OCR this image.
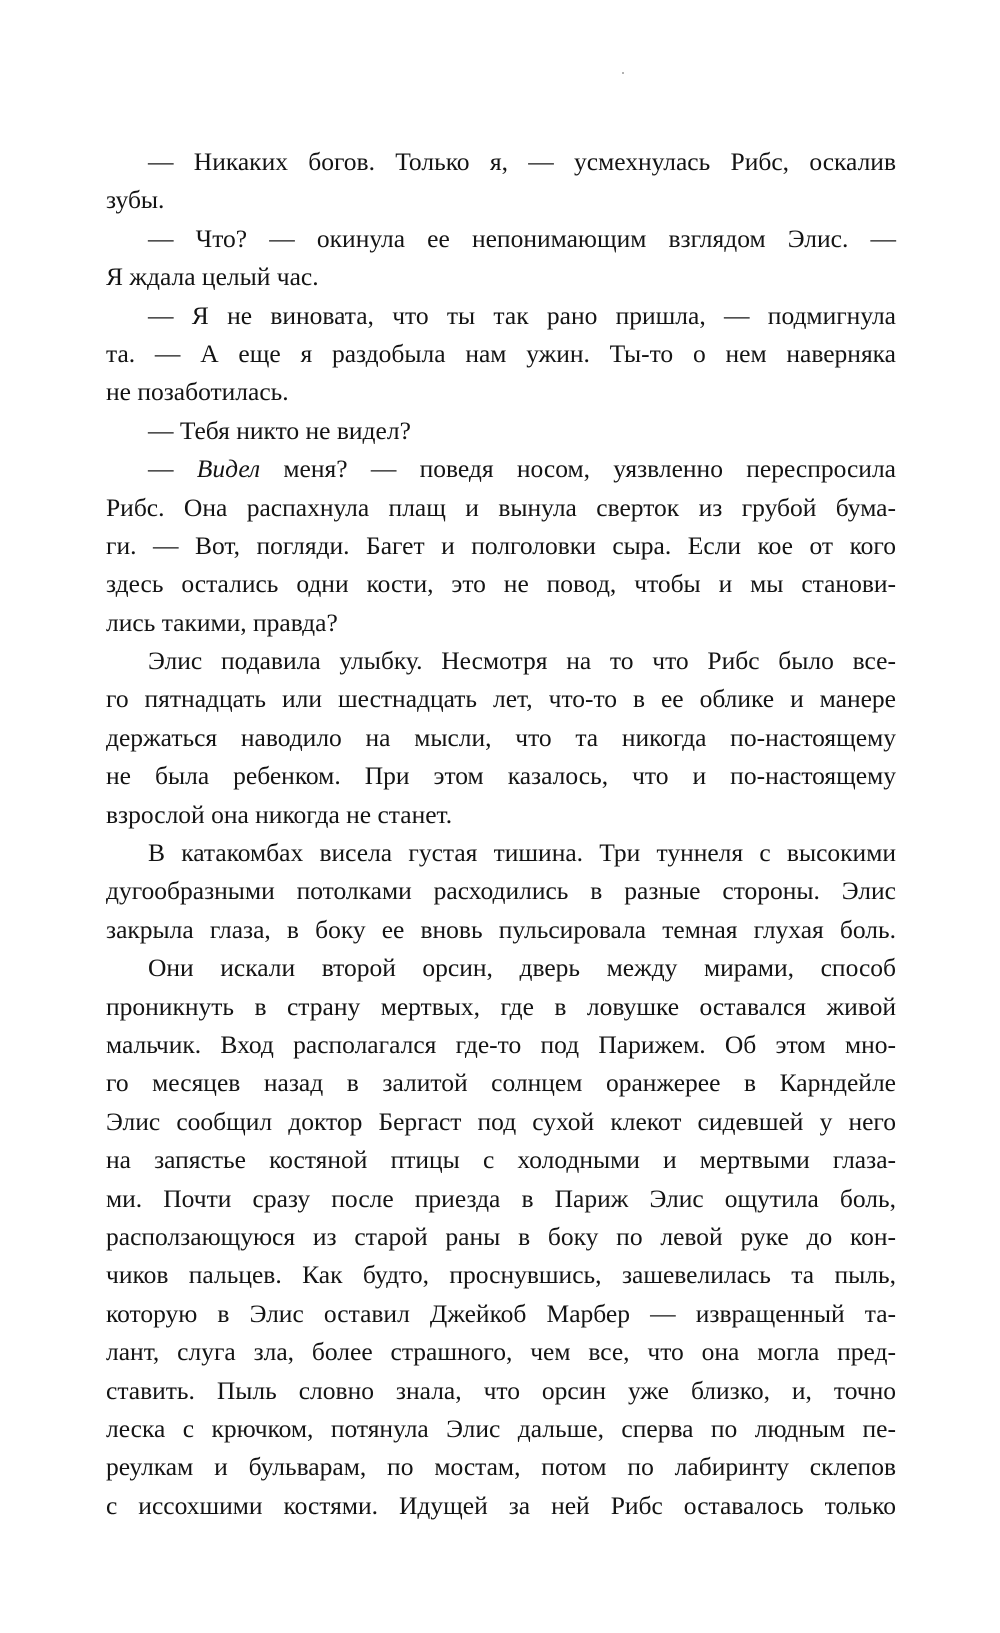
— Никаких богов. Только я, — усмехнулась Рибс, оскалив
зубы.
— Что? — окинула ее непонимающим взглядом Элис. —
Я ждала целый час.
— Я не виновата, что ты так рано пришла, — подмигнула
та. — А еще я раздобыла нам ужин. Ты-то о нем наверняка
не позаботилась.
— Тебя никто не видел?
— Видел меня? — поведя носом, уязвленно переспросила
Рибс. Она распахнула плащ и вынула сверток из грубой бума-
ги. — Вот, погляди. Багет и полголовки сыра. Если кое от кого
здесь остались одни кости, это не повод, чтобы и мы станови-
лись такими, правда?
Элис подавила улыбку. Несмотря на то что Рибс было все-
го пятнадцать или шестнадцать лет, что-то в ее облике и манере
держаться наводило на мысли, что та никогда по-настоящему
не была ребенком. При этом казалось, что и по-настоящему
взрослой она никогда не станет.
В катакомбах висела густая тишина. Три туннеля с высокими
дугообразными потолками расходились в разные стороны. Элис
закрыла глаза, в боку ее вновь пульсировала темная глухая боль.
Они искали второй орсин, дверь между мирами, способ
проникнуть в страну мертвых, где в ловушке оставался живой
мальчик. Вход располагался где-то под Парижем. Об этом мно-
го месяцев назад в залитой солнцем оранжерее в Карндейле
Элис сообщил доктор Бергаст под сухой клекот сидевшей у него
на запястье костяной птицы с холодными и мертвыми глаза-
ми. Почти сразу после приезда в Париж Элис ощутила боль,
расползающуюся из старой раны в боку по левой руке до кон-
чиков пальцев. Как будто, проснувшись, зашевелилась та пыль,
которую в Элис оставил Джейкоб Марбер — извращенный та-
лант, слуга зла, более страшного, чем все, что она могла пред-
ставить. Пыль словно знала, что орсин уже близко, и, точно
леска с крючком, потянула Элис дальше, сперва по людным пе-
реулкам и бульварам, по мостам, потом по лабиринту склепов
с иссохшими костями. Идущей за ней Рибс оставалось только
